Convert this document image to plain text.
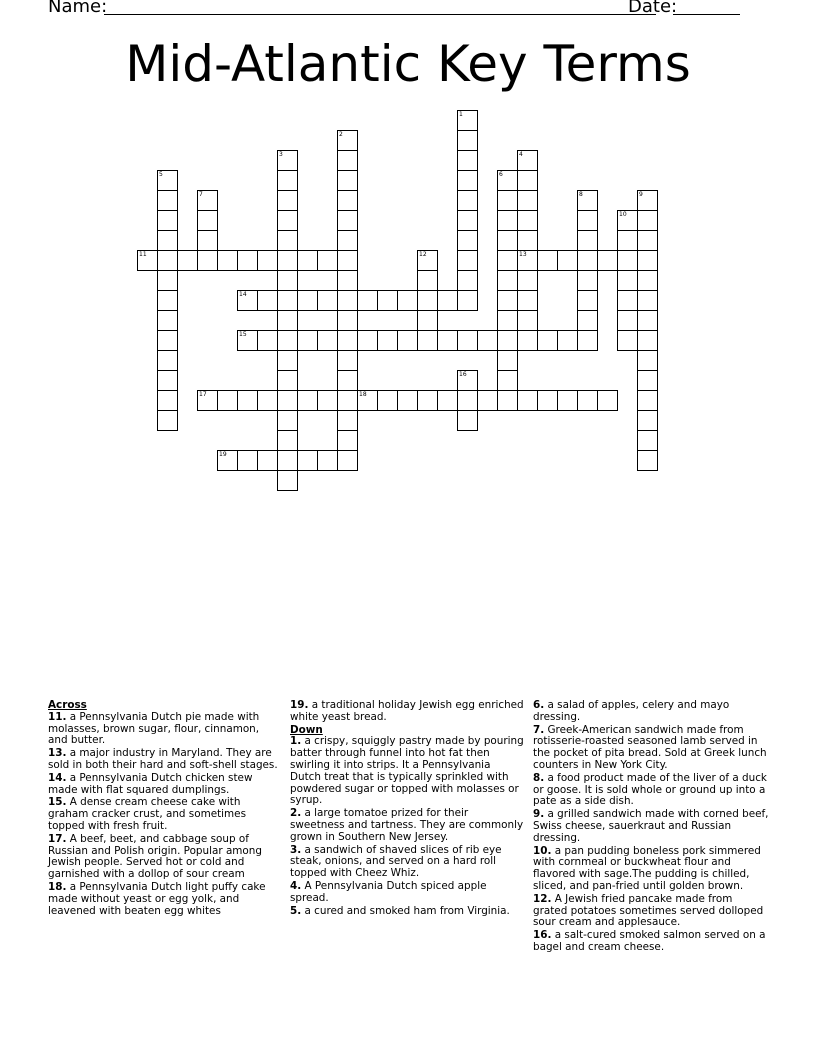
Name:	Date:
Mid-Atlantic Key Terms
1
2
3	4
13
5	6
7	8	9
10
11	12
14
15
16
17	18
19
Across
11. a Pennsylvania Dutch pie made with molasses, brown sugar, flour, cinnamon, and butter.
13. a major industry in Maryland. They are sold in both their hard and soft-shell stages.
14. a Pennsylvania Dutch chicken stew made with flat squared dumplings.
15. A dense cream cheese cake with graham cracker crust, and sometimes topped with fresh fruit.
17. A beef, beet, and cabbage soup of Russian and Polish origin. Popular among Jewish people. Served hot or cold and garnished with a dollop of sour cream
18. a Pennsylvania Dutch light puffy cake made without yeast or egg yolk, and leavened with beaten egg whites
19. a traditional holiday Jewish egg enriched white yeast bread.
Down
1. a crispy, squiggly pastry made by pouring batter through funnel into hot fat then swirling it into strips. It a Pennsylvania Dutch treat that is typically sprinkled with powdered sugar or topped with molasses or syrup.
2. a large tomatoe prized for their sweetness and tartness. They are commonly grown in Southern New Jersey.
3. a sandwich of shaved slices of rib eye steak, onions, and served on a hard roll topped with Cheez Whiz.
4. A Pennsylvania Dutch spiced apple spread.
5. a cured and smoked ham from Virginia.
6. a salad of apples, celery and mayo dressing.
7. Greek-American sandwich made from rotisserie-roasted seasoned lamb served in the pocket of pita bread. Sold at Greek lunch counters in New York City.
8. a food product made of the liver of a duck or goose. It is sold whole or ground up into a pate as a side dish.
9. a grilled sandwich made with corned beef, Swiss cheese, sauerkraut and Russian dressing.
10. a pan pudding boneless pork simmered with cornmeal or buckwheat flour and flavored with sage.The pudding is chilled, sliced, and pan-fried until golden brown.
12. A Jewish fried pancake made from grated potatoes sometimes served dolloped sour cream and applesauce.
16. a salt-cured smoked salmon served on a bagel and cream cheese.
